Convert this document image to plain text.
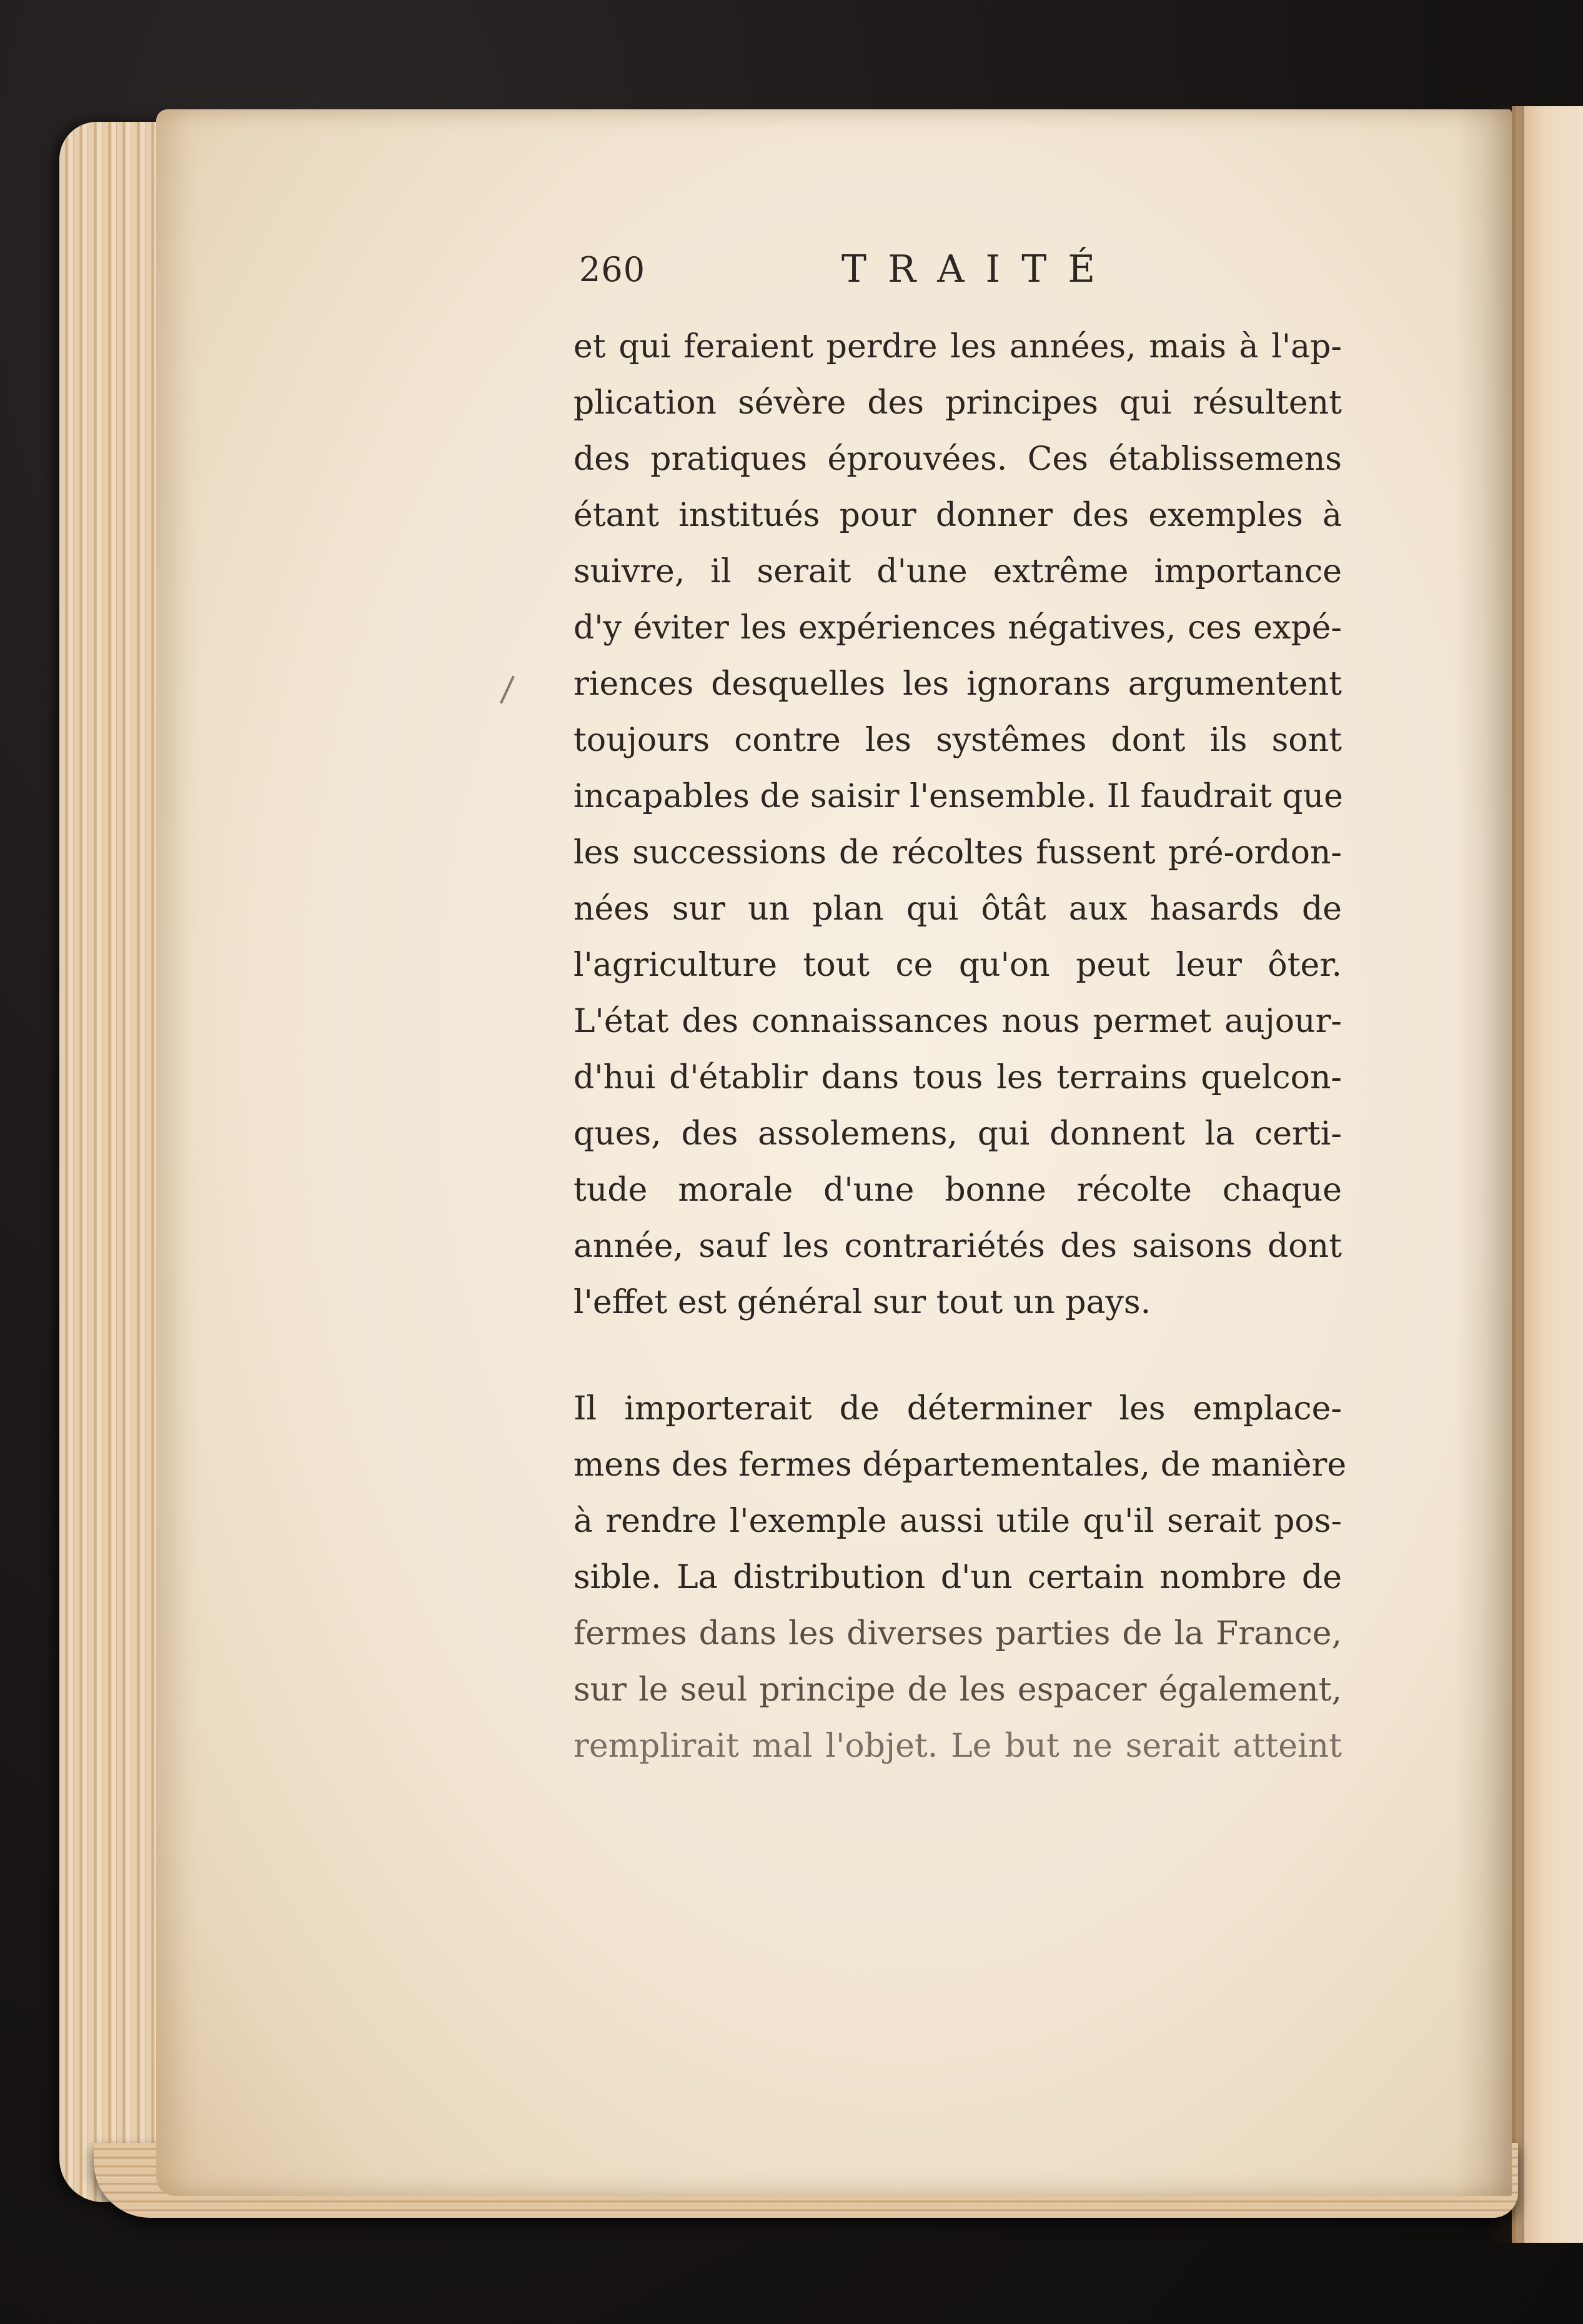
260	TRAITÉ
et qui feraient perdre les années, mais à l'ap-
plication sévère des principes qui résultent
des pratiques éprouvées. Ces établissemens
étant institués pour donner des exemples à
suivre, il serait d'une extrême importance
d'y éviter les expériences négatives, ces expé-
riences desquelles les ignorans argumentent
toujours contre les systêmes dont ils sont
incapables de saisir l'ensemble. Il faudrait que
les successions de récoltes fussent pré-ordon-
nées sur un plan qui ôtât aux hasards de
l'agriculture tout ce qu'on peut leur ôter.
L'état des connaissances nous permet aujour-
d'hui d'établir dans tous les terrains quelcon-
ques, des assolemens, qui donnent la certi-
tude morale d'une bonne récolte chaque
année, sauf les contrariétés des saisons dont
l'effet est général sur tout un pays.
Il importerait de déterminer les emplace-
mens des fermes départementales, de manière
à rendre l'exemple aussi utile qu'il serait pos-
sible. La distribution d'un certain nombre de
fermes dans les diverses parties de la France,
sur le seul principe de les espacer également,
remplirait mal l'objet. Le but ne serait atteint
